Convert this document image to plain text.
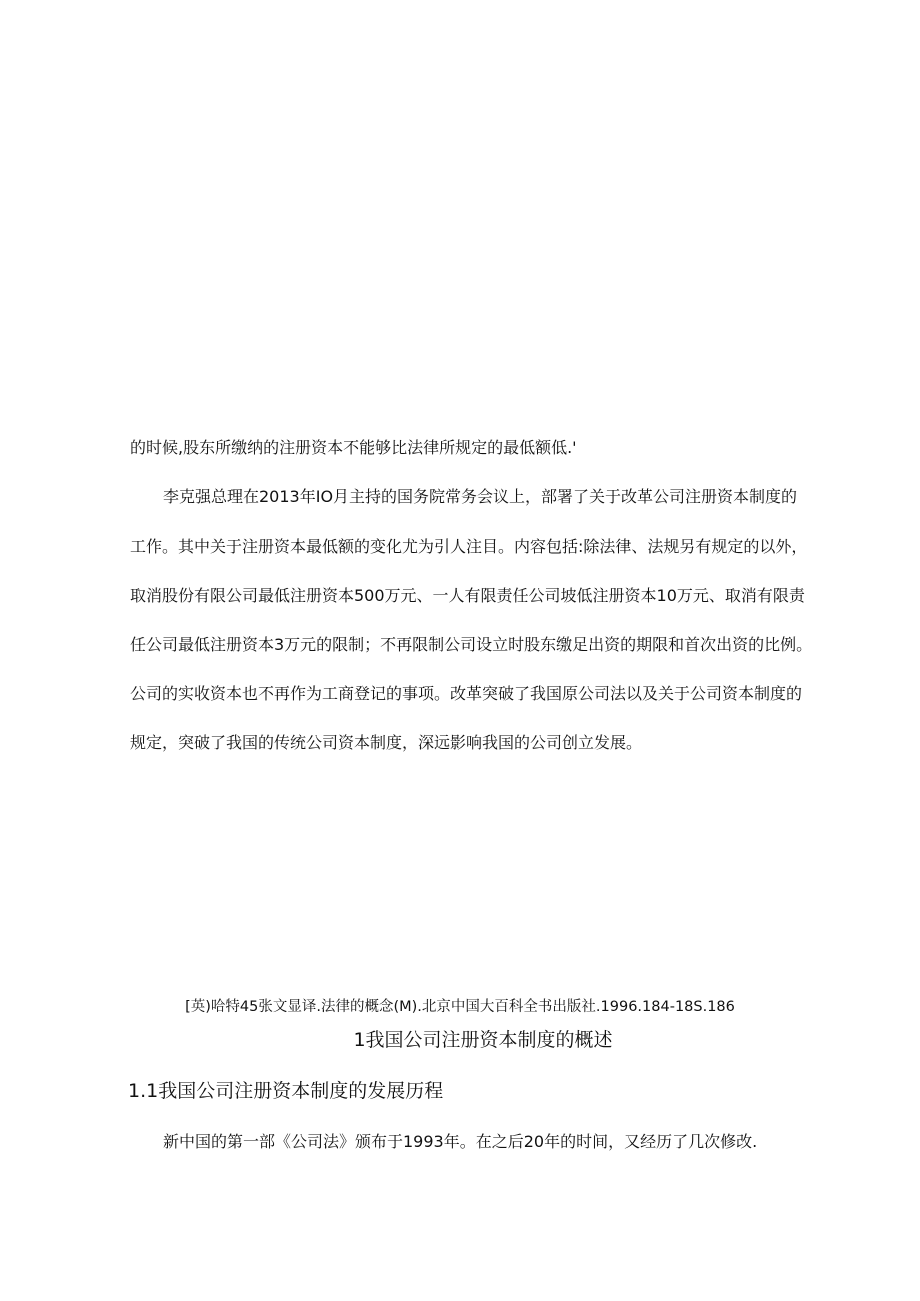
的时候,股东所缴纳的注册资本不能够比法律所规定的最低额低.'

李克强总理在2013年IO月主持的国务院常务会议上，部署了关于改革公司注册资本制度的

工作。其中关于注册资本最低额的变化尤为引人注目。内容包括:除法律、法规另有规定的以外，

取消股份有限公司最低注册资本500万元、一人有限责任公司坡低注册资本10万元、取消有限责

任公司最低注册资本3万元的限制；不再限制公司设立时股东缴足出资的期限和首次出资的比例。

公司的实收资本也不再作为工商登记的事项。改革突破了我国原公司法以及关于公司资本制度的

规定，突破了我国的传统公司资本制度，深远影响我国的公司创立发展。

[英)哈特45张文显译.法律的概念(M).北京中国大百科全书出版社.1996.184-18S.186

1我国公司注册资本制度的概述
1.1我国公司注册资本制度的发展历程

新中国的第一部《公司法》颁布于1993年。在之后20年的时间，又经历了几次修改.
